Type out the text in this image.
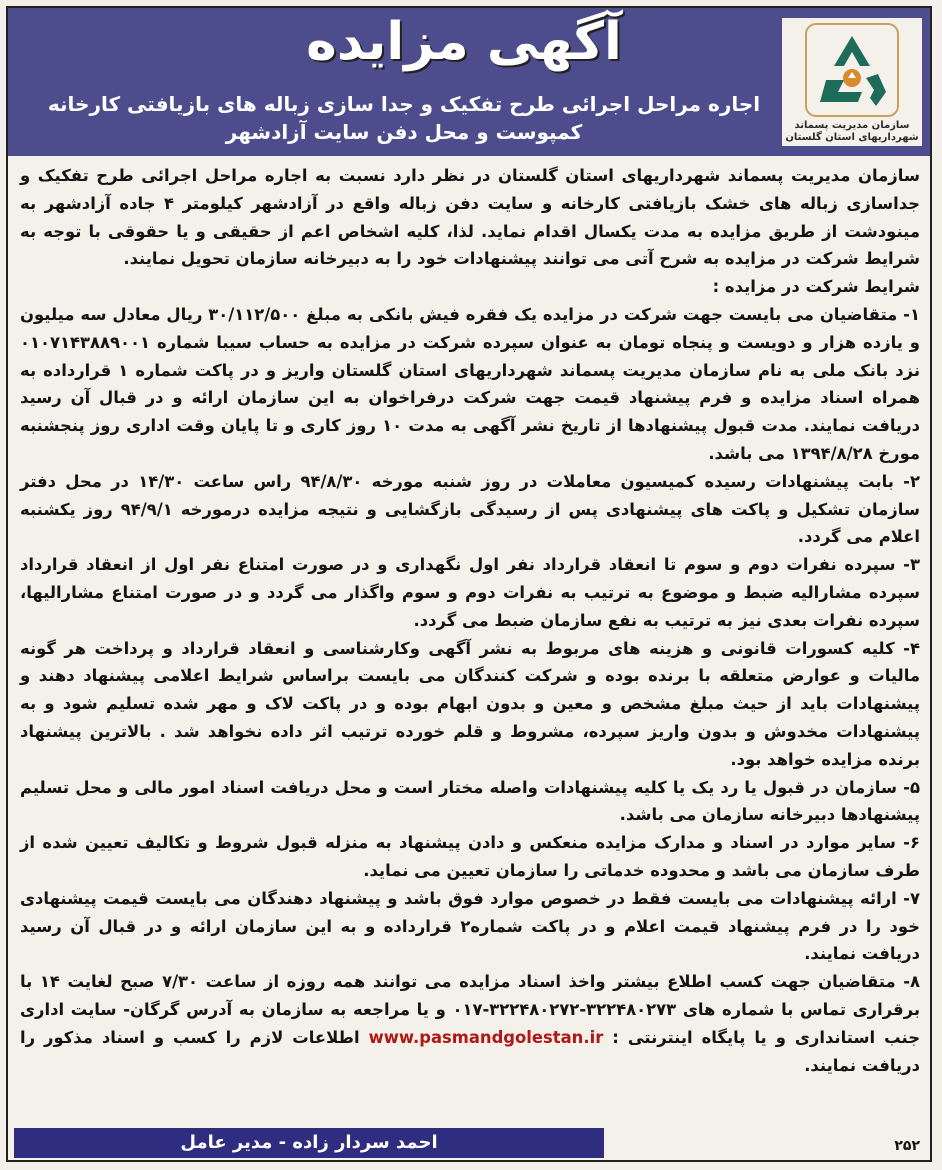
سازمان مدیریت پسماند شهرداریهای استان گلستان
آگهی مزایده
اجاره مراحل اجرائی طرح تفکیک و جدا سازی زباله های بازیافتی کارخانه
کمپوست و محل دفن سایت آزادشهر

سازمان مدیریت پسماند شهرداریهای استان گلستان در نظر دارد نسبت به اجاره مراحل اجرائی طرح تفکیک و جداسازی زباله های خشک بازیافتی کارخانه و سایت دفن زباله واقع در آزادشهر کیلومتر ۴ جاده آزادشهر به مینودشت از طریق مزایده به مدت یکسال اقدام نماید. لذا، کلیه اشخاص اعم از حقیقی و یا حقوقی با توجه به شرایط شرکت در مزایده به شرح آتی می توانند پیشنهادات خود را به دبیرخانه سازمان تحویل نمایند.

شرایط شرکت در مزایده :

۱- متقاضیان می بایست جهت شرکت در مزایده یک فقره فیش بانکی به مبلغ ۳۰/۱۱۲/۵۰۰ ریال معادل سه میلیون و یازده هزار و دویست و پنجاه تومان به عنوان سپرده شرکت در مزایده به حساب سیبا شماره ۰۱۰۷۱۴۳۸۸۹۰۰۱ نزد بانک ملی به نام سازمان مدیریت پسماند شهرداریهای استان گلستان واریز و در پاکت شماره ۱ قرارداده به همراه اسناد مزایده و فرم پیشنهاد قیمت جهت شرکت درفراخوان به این سازمان ارائه و در قبال آن رسید دریافت نمایند. مدت قبول پیشنهادها از تاریخ نشر آگهی به مدت ۱۰ روز کاری و تا پایان وقت اداری روز پنجشنبه مورخ ۱۳۹۴/۸/۲۸ می باشد.

۲- بابت پیشنهادات رسیده کمیسیون معاملات در روز شنبه مورخه ۹۴/۸/۳۰ راس ساعت ۱۴/۳۰ در محل دفتر سازمان تشکیل و پاکت های پیشنهادی پس از رسیدگی بازگشایی و نتیجه مزایده درمورخه ۹۴/۹/۱ روز یکشنبه اعلام می گردد.

۳- سپرده نفرات دوم و سوم تا انعقاد قرارداد نفر اول نگهداری و در صورت امتناع نفر اول از انعقاد قرارداد سپرده مشارالیه ضبط و موضوع به ترتیب به نفرات دوم و سوم واگذار می گردد و در صورت امتناع مشارالیها، سپرده نفرات بعدی نیز به ترتیب به نفع سازمان ضبط می گردد.

۴- کلیه کسورات قانونی و هزینه های مربوط به نشر آگهی وکارشناسی و انعقاد قرارداد و پرداخت هر گونه مالیات و عوارض متعلقه با برنده بوده و شرکت کنندگان می بایست براساس شرایط اعلامی پیشنهاد دهند و پیشنهادات باید از حیث مبلغ مشخص و معین و بدون ابهام بوده و در پاکت لاک و مهر شده تسلیم شود و به پیشنهادات مخدوش و بدون واریز سپرده، مشروط و قلم خورده ترتیب اثر داده نخواهد شد . بالاترین پیشنهاد برنده مزایده خواهد بود.

۵- سازمان در قبول یا رد یک یا کلیه پیشنهادات واصله مختار است و محل دریافت اسناد امور مالی و محل تسلیم پیشنهادها دبیرخانه سازمان می باشد.

۶- سایر موارد در اسناد و مدارک مزایده منعکس و دادن پیشنهاد به منزله قبول شروط و تکالیف تعیین شده از طرف سازمان می باشد و محدوده خدماتی را سازمان تعیین می نماید.

۷- ارائه پیشنهادات می بایست فقط در خصوص موارد فوق باشد و پیشنهاد دهندگان می بایست قیمت پیشنهادی خود را در فرم پیشنهاد قیمت اعلام و در پاکت شماره۲ قرارداده و به این سازمان ارائه و در قبال آن رسید دریافت نمایند.

۸- متقاضیان جهت کسب اطلاع بیشتر واخذ اسناد مزایده می توانند همه روزه از ساعت ۷/۳۰ صبح لغایت ۱۴ با برقراری تماس با شماره های ۳۲۲۴۸۰۲۷۳-۳۲۲۴۸۰۲۷۲-۰۱۷ و یا مراجعه به سازمان به آدرس گرگان- سایت اداری جنب استانداری و یا پایگاه اینترنتی : www.pasmandgolestan.ir اطلاعات لازم را کسب و اسناد مذکور را دریافت نمایند.

احمد سردار زاده - مدیر عامل	۲۵۲
